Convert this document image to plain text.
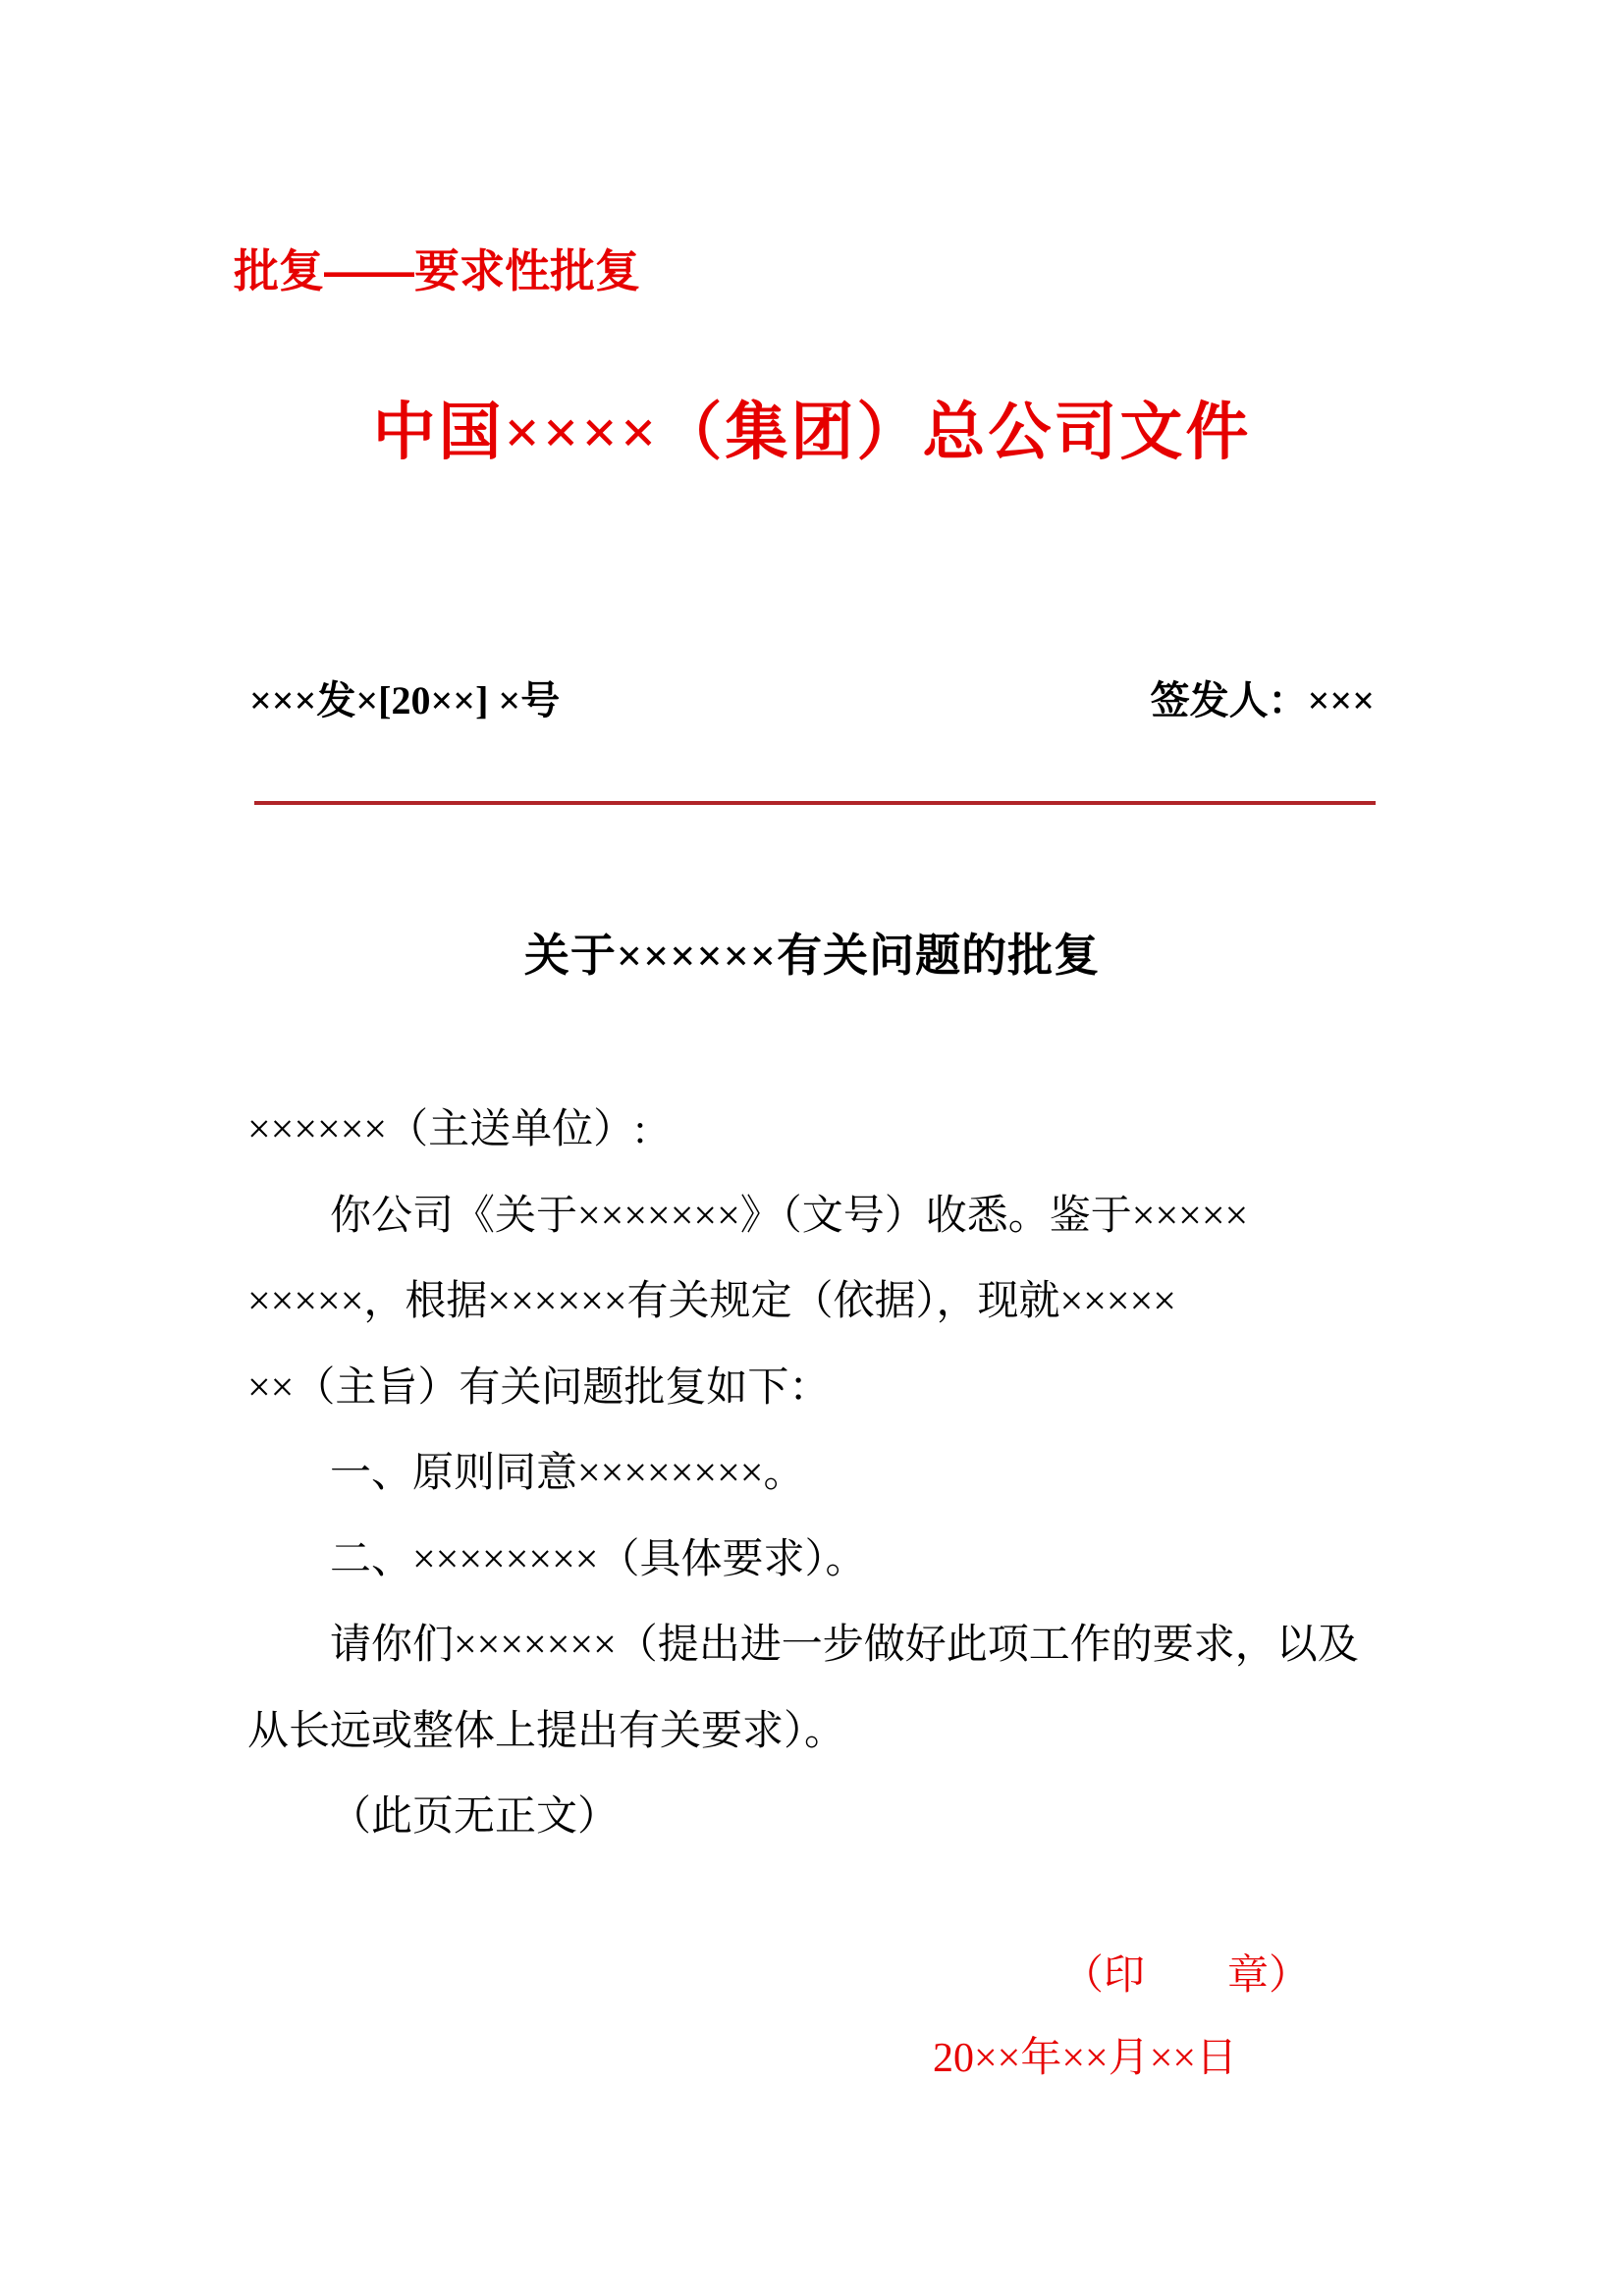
批复——要求性批复
中国××××（集团）总公司文件
×××发×[20××] ×号	签发人：×××
关于××××××有关问题的批复
××××××（主送单位）:
你公司《关于×××××××》（文号）收悉。鉴于×××××
×××××，根据××××××有关规定（依据），现就×××××
××（主旨）有关问题批复如下：
一、原则同意××××××××。
二、××××××××（具体要求）。
请你们×××××××（提出进一步做好此项工作的要求，以及
从长远或整体上提出有关要求）。
（此页无正文）
（印　　章）
20××年××月××日
